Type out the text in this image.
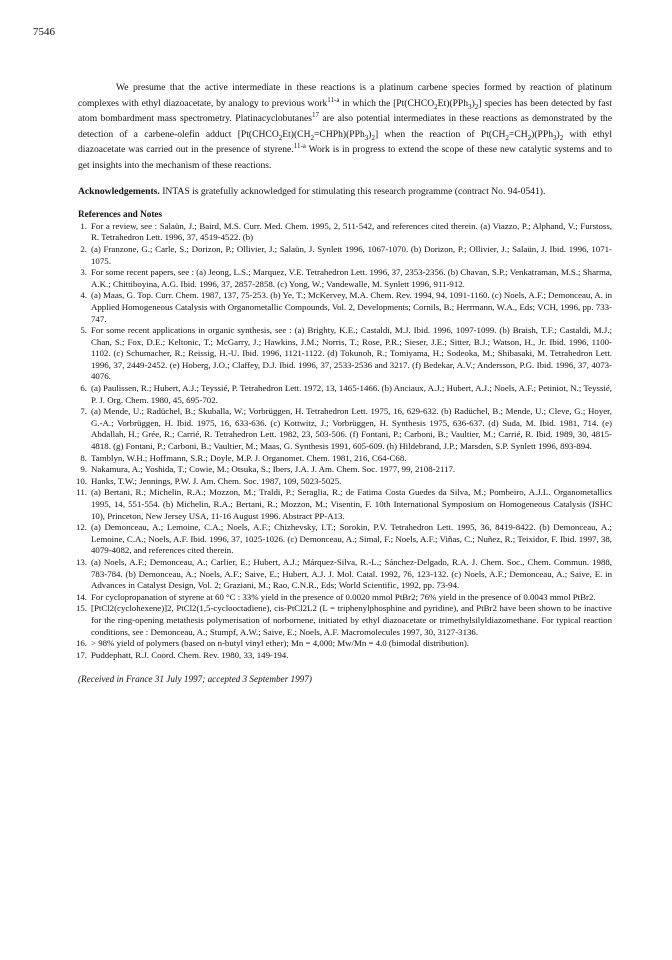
7546

We presume that the active intermediate in these reactions is a platinum carbene species formed by reaction of platinum complexes with ethyl diazoacetate, by analogy to previous work$^{11-a}$ in which the $[Pt(CHCO_2Et)(PPh_3)_2]$ species has been detected by fast atom bombardment mass spectrometry. Platinacyclobutanes$^{17}$ are also potential intermediates in these reactions as demonstrated by the detection of a carbene-olefin adduct $[Pt(CHCO_2Et)(CH_2=CHPh)(PPh_3)_2]$ when the reaction of $Pt(CH_2=CH_2)(PPh_3)_2$ with ethyl diazoacetate was carried out in the presence of styrene.$^{11-a}$ Work is in progress to extend the scope of these new catalytic systems and to get insights into the mechanism of these reactions.

Acknowledgements. INTAS is gratefully acknowledged for stimulating this research programme (contract No. 94-0541).

References and Notes
1. For a review, see : Salaün, J.; Baird, M.S. Curr. Med. Chem. 1995, 2, 511-542, and references cited therein. (a) Viazzo, P.; Alphand, V.; Furstoss, R. Tetrahedron Lett. 1996, 37, 4519-4522. (b)
2. (a) Franzone, G.; Carle, S.; Dorizon, P.; Ollivier, J.; Salaün, J. Synlett 1996, 1067-1070. (b) Dorizon, P.; Ollivier, J.; Salaün, J. Ibid. 1996, 1071-1075.
3. For some recent papers, see : (a) Jeong, L.S.; Marquez, V.E. Tetrahedron Lett. 1996, 37, 2353-2356. (b) Chavan, S.P.; Venkatraman, M.S.; Sharma, A.K.; Chittiboyina, A.G. Ibid. 1996, 37, 2857-2858. (c) Yong, W.; Vandewalle, M. Synlett 1996, 911-912.
4. (a) Maas, G. Top. Curr. Chem. 1987, 137, 75-253. (b) Ye, T.; McKervey, M.A. Chem. Rev. 1994, 94, 1091-1160. (c) Noels, A.F.; Demonceau, A. in Applied Homogeneous Catalysis with Organometallic Compounds, Vol. 2, Developments; Cornils, B.; Herrmann, W.A., Eds; VCH, 1996, pp. 733-747.
5. For some recent applications in organic synthesis, see : (a) Brighty, K.E.; Castaldi, M.J. Ibid. 1996, 1097-1099. (b) Braish, T.F.; Castaldi, M.J.; Chan, S.; Fox, D.E.; Keltonic, T.; McGarry, J.; Hawkins, J.M.; Norris, T.; Rose, P.R.; Sieser, J.E.; Sitter, B.J.; Watson, H., Jr. Ibid. 1996, 1100-1102. (c) Schumacher, R.; Reissig, H.-U. Ibid. 1996, 1121-1122. (d) Tokunoh, R.; Tomiyama, H.; Sodeoka, M.; Shibasaki, M. Tetrahedron Lett. 1996, 37, 2449-2452. (e) Hoberg, J.O.; Claffey, D.J. Ibid. 1996, 37, 2533-2536 and 3217. (f) Bedekar, A.V.; Andersson, P.G. Ibid. 1996, 37, 4073-4076.
6. (a) Paulissen, R.; Hubert, A.J.; Teyssié, P. Tetrahedron Lett. 1972, 13, 1465-1466. (b) Anciaux, A.J.; Hubert, A.J.; Noels, A.F.; Petiniot, N.; Teyssié, P. J. Org. Chem. 1980, 45, 695-702.
7. (a) Mende, U.; Radüchel, B.; Skuballa, W.; Vorbrüggen, H. Tetrahedron Lett. 1975, 16, 629-632. (b) Radüchel, B.; Mende, U.; Cleve, G.; Hoyer, G.-A.; Vorbrüggen, H. Ibid. 1975, 16, 633-636. (c) Kottwitz, J.; Vorbrüggen, H. Synthesis 1975, 636-637. (d) Suda, M. Ibid. 1981, 714. (e) Abdallah, H.; Grée, R.; Carrié, R. Tetrahedron Lett. 1982, 23, 503-506. (f) Fontani, P.; Carboni, B.; Vaultier, M.; Carrié, R. Ibid. 1989, 30, 4815-4818. (g) Fontani, P.; Carboni, B.; Vaultier, M.; Maas, G. Synthesis 1991, 605-609. (h) Hildebrand, J.P.; Marsden, S.P. Synlett 1996, 893-894.
8. Tamblyn, W.H.; Hoffmann, S.R.; Doyle, M.P. J. Organomet. Chem. 1981, 216, C64-C68.
9. Nakamura, A.; Yoshida, T.; Cowie, M.; Otsuka, S.; Ibers, J.A. J. Am. Chem. Soc. 1977, 99, 2108-2117.
10. Hanks, T.W.; Jennings, P.W. J. Am. Chem. Soc. 1987, 109, 5023-5025.
11. (a) Bertani, R.; Michelin, R.A.; Mozzon, M.; Traldi, P.; Seraglia, R.; de Fatima Costa Guedes da Silva, M.; Pombeiro, A.J.L. Organometallics 1995, 14, 551-554. (b) Michelin, R.A.; Bertani, R.; Mozzon, M.; Visentin, F. 10th International Symposium on Homogeneous Catalysis (ISHC 10), Princeton, New Jersey USA, 11-16 August 1996. Abstract PP-A13.
12. (a) Demonceau, A.; Lemoine, C.A.; Noels, A.F.; Chizhevsky, I.T.; Sorokin, P.V. Tetrahedron Lett. 1995, 36, 8419-8422. (b) Demonceau, A.; Lemoine, C.A.; Noels, A.F. Ibid. 1996, 37, 1025-1026. (c) Demonceau, A.; Simal, F.; Noels, A.F.; Viñas, C.; Nuñez, R.; Teixidor, F. Ibid. 1997, 38, 4079-4082, and references cited therein.
13. (a) Noels, A.F.; Demonceau, A.; Carlier, E.; Hubert, A.J.; Márquez-Silva, R.-L.; Sánchez-Delgado, R.A. J. Chem. Soc., Chem. Commun. 1988, 783-784. (b) Demonceau, A.; Noels, A.F.; Saive, E.; Hubert, A.J. J. Mol. Catal. 1992, 76, 123-132. (c) Noels, A.F.; Demonceau, A.; Saive, E. in Advances in Catalyst Design, Vol. 2; Graziani, M.; Rao, C.N.R., Eds; World Scientific, 1992, pp. 73-94.
14. For cyclopropanation of styrene at 60 °C : 33% yield in the presence of 0.0020 mmol PtBr2; 76% yield in the presence of 0.0043 mmol PtBr2.
15. [PtCl2(cyclohexene)]2, PtCl2(1,5-cyclooctadiene), cis-PtCl2L2 (L = triphenylphosphine and pyridine), and PtBr2 have been shown to be inactive for the ring-opening metathesis polymerisation of norbornene, initiated by ethyl diazoacetate or trimethylsilyldiazomethane. For typical reaction conditions, see : Demonceau, A.; Stumpf, A.W.; Saive, E.; Noels, A.F. Macromolecules 1997, 30, 3127-3136.
16. > 98% yield of polymers (based on n-butyl vinyl ether); Mn = 4,000; Mw/Mn = 4.0 (bimodal distribution).
17. Puddephatt, R.J. Coord. Chem. Rev. 1980, 33, 149-194.
(Received in France 31 July 1997; accepted 3 September 1997)
